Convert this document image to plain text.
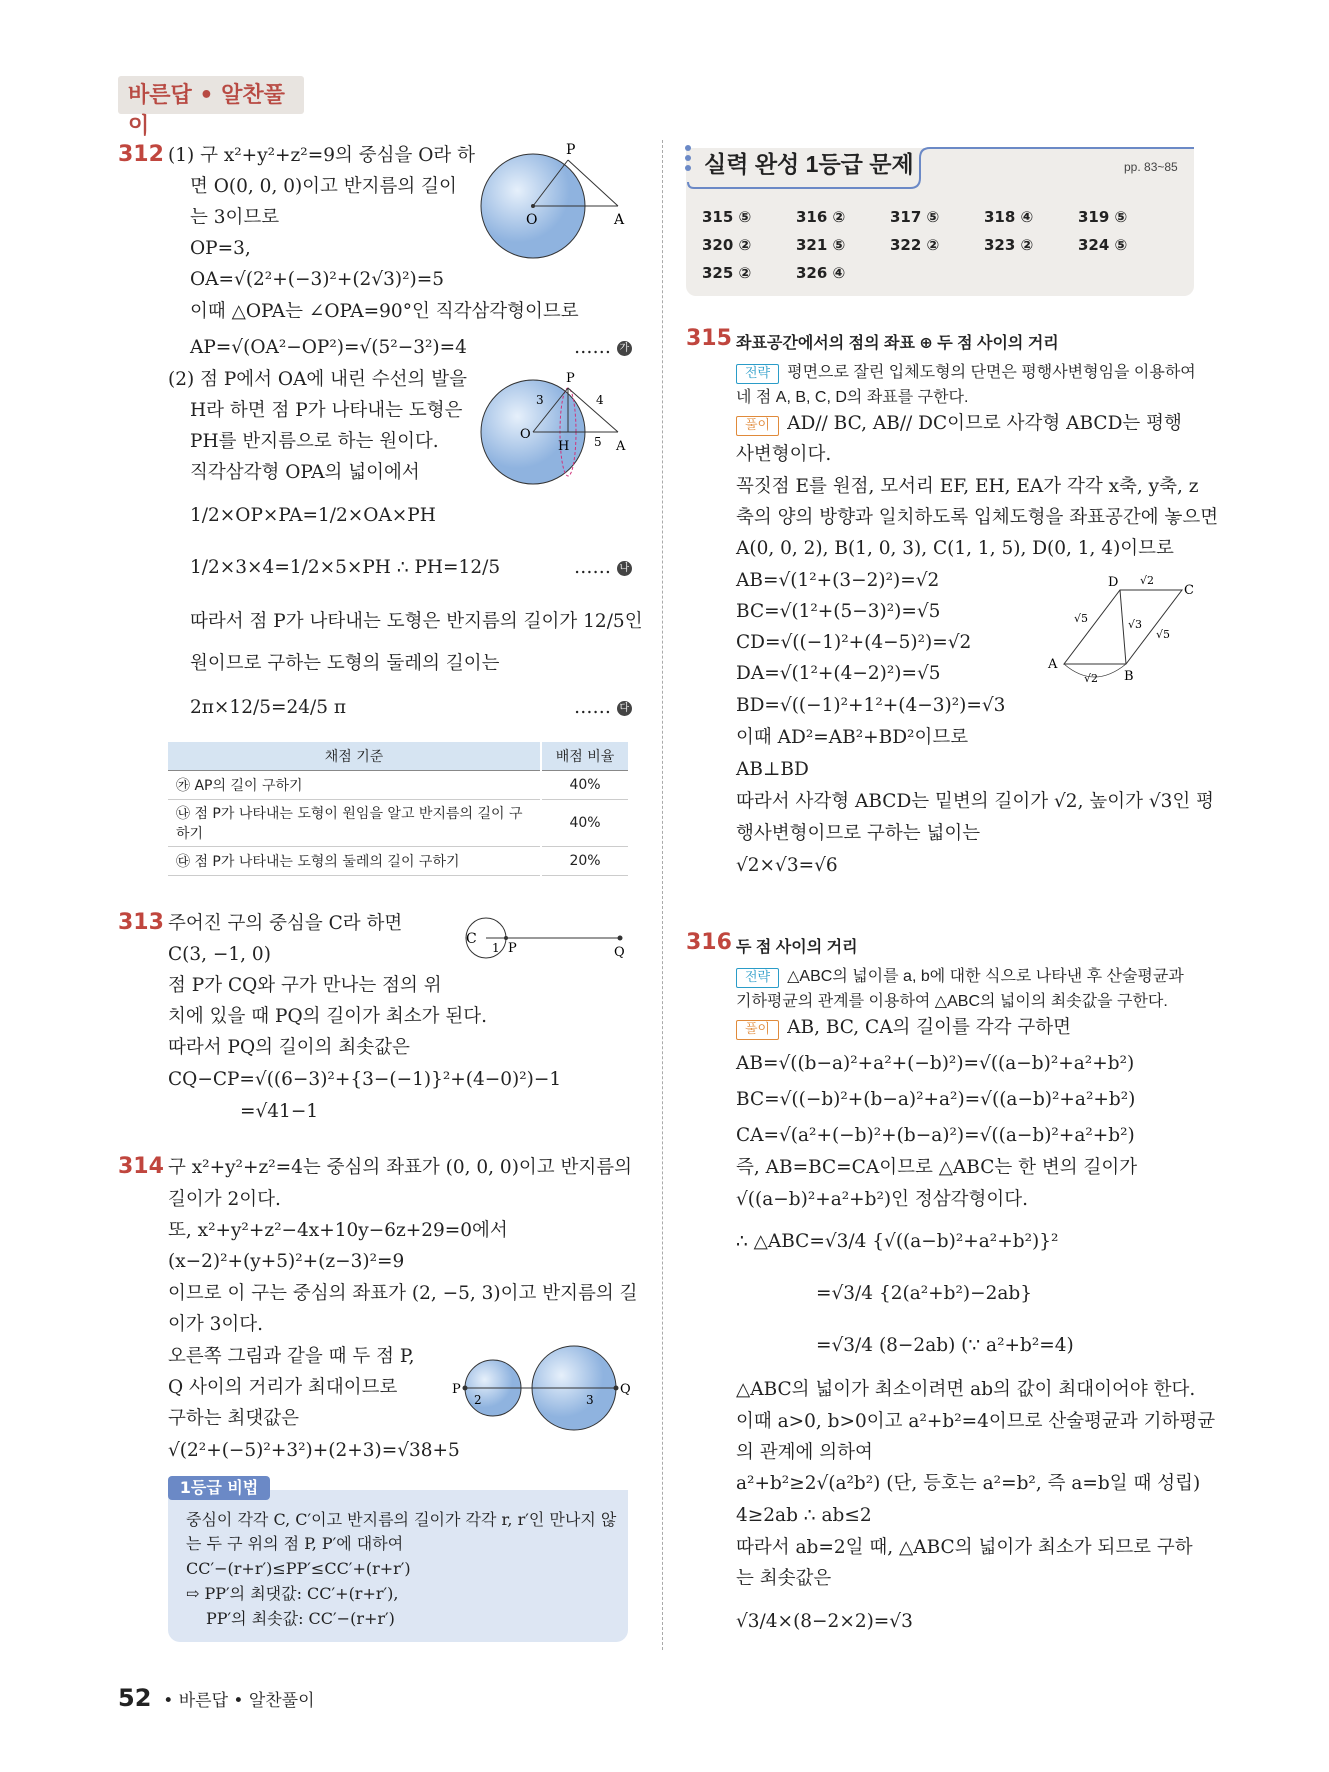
바른답 • 알찬풀이
312 (1) 구 x²+y²+z²=9의 중심을 O라 하
면 O(0, 0, 0)이고 반지름의 길이
는 3이므로
OP=3,
OA=√(2²+(−3)²+(2√3)²)=5
이때 △OPA는 ∠OPA=90°인 직각삼각형이므로
AP=√(OA²−OP²)=√(5²−3²)=4	…… 가
(2) 점 P에서 OA에 내린 수선의 발을
H라 하면 점 P가 나타내는 도형은
PH를 반지름으로 하는 원이다.
직각삼각형 OPA의 넓이에서
1/2×OP×PA=1/2×OA×PH
1/2×3×4=1/2×5×PH ∴ PH=12/5	…… 나
따라서 점 P가 나타내는 도형은 반지름의 길이가 12/5인
원이므로 구하는 도형의 둘레의 길이는
2π×12/5=24/5 π	…… 다
P
O	A
P
O
H	A
3	4
5
채점 기준	배점 비율
㉮ AP의 길이 구하기	40%
㉯ 점 P가 나타내는 도형이 원임을 알고 반지름의 길이 구하기	40%
㉰ 점 P가 나타내는 도형의 둘레의 길이 구하기	20%
313 주어진 구의 중심을 C라 하면
C(3, −1, 0)
점 P가 CQ와 구가 만나는 점의 위
치에 있을 때 PQ의 길이가 최소가 된다.
따라서 PQ의 길이의 최솟값은
CQ−CP=√((6−3)²+{3−(−1)}²+(4−0)²)−1
=√41−1
C
1 P	Q
314 구 x²+y²+z²=4는 중심의 좌표가 (0, 0, 0)이고 반지름의
길이가 2이다.
또, x²+y²+z²−4x+10y−6z+29=0에서
(x−2)²+(y+5)²+(z−3)²=9
이므로 이 구는 중심의 좌표가 (2, −5, 3)이고 반지름의 길
이가 3이다.
오른쪽 그림과 같을 때 두 점 P,
Q 사이의 거리가 최대이므로
구하는 최댓값은
√(2²+(−5)²+3²)+(2+3)=√38+5
P
2	3
Q
1등급 비법
중심이 각각 C, C′이고 반지름의 길이가 각각 r, r′인 만나지 않
는 두 구 위의 점 P, P′에 대하여
CC′−(r+r′)≤PP′≤CC′+(r+r′)
⇨ PP′의 최댓값: CC′+(r+r′),
PP′의 최솟값: CC′−(r+r′)
실력 완성 1등급 문제	pp. 83~85
315 ⑤	316 ②	317 ⑤	318 ④	319 ⑤
320 ②	321 ⑤	322 ②	323 ②	324 ⑤
325 ②	326 ④
315 좌표공간에서의 점의 좌표 ⊕ 두 점 사이의 거리
전략 평면으로 잘린 입체도형의 단면은 평행사변형임을 이용하여
네 점 A, B, C, D의 좌표를 구한다.
풀이 AD// BC, AB// DC이므로 사각형 ABCD는 평행
사변형이다.
꼭짓점 E를 원점, 모서리 EF, EH, EA가 각각 x축, y축, z
축의 양의 방향과 일치하도록 입체도형을 좌표공간에 놓으면
A(0, 0, 2), B(1, 0, 3), C(1, 1, 5), D(0, 1, 4)이므로
AB=√(1²+(3−2)²)=√2
BC=√(1²+(5−3)²)=√5
CD=√((−1)²+(4−5)²)=√2
DA=√(1²+(4−2)²)=√5
BD=√((−1)²+1²+(4−3)²)=√3
이때 AD²=AB²+BD²이므로
AB⊥BD
따라서 사각형 ABCD는 밑변의 길이가 √2, 높이가 √3인 평
행사변형이므로 구하는 넓이는
√2×√3=√6
A
B
C
D √2
√2
√5
√5
√3
316 두 점 사이의 거리
전략 △ABC의 넓이를 a, b에 대한 식으로 나타낸 후 산술평균과
기하평균의 관계를 이용하여 △ABC의 넓이의 최솟값을 구한다.
풀이 AB, BC, CA의 길이를 각각 구하면
AB=√((b−a)²+a²+(−b)²)=√((a−b)²+a²+b²)
BC=√((−b)²+(b−a)²+a²)=√((a−b)²+a²+b²)
CA=√(a²+(−b)²+(b−a)²)=√((a−b)²+a²+b²)
즉, AB=BC=CA이므로 △ABC는 한 변의 길이가
√((a−b)²+a²+b²)인 정삼각형이다.
∴ △ABC=√3/4 {√((a−b)²+a²+b²)}²
=√3/4 {2(a²+b²)−2ab}
=√3/4 (8−2ab) (∵ a²+b²=4)
△ABC의 넓이가 최소이려면 ab의 값이 최대이어야 한다.
이때 a>0, b>0이고 a²+b²=4이므로 산술평균과 기하평균
의 관계에 의하여
a²+b²≥2√(a²b²) (단, 등호는 a²=b², 즉 a=b일 때 성립)
4≥2ab ∴ ab≤2
따라서 ab=2일 때, △ABC의 넓이가 최소가 되므로 구하
는 최솟값은
√3/4×(8−2×2)=√3
52 • 바른답 • 알찬풀이
